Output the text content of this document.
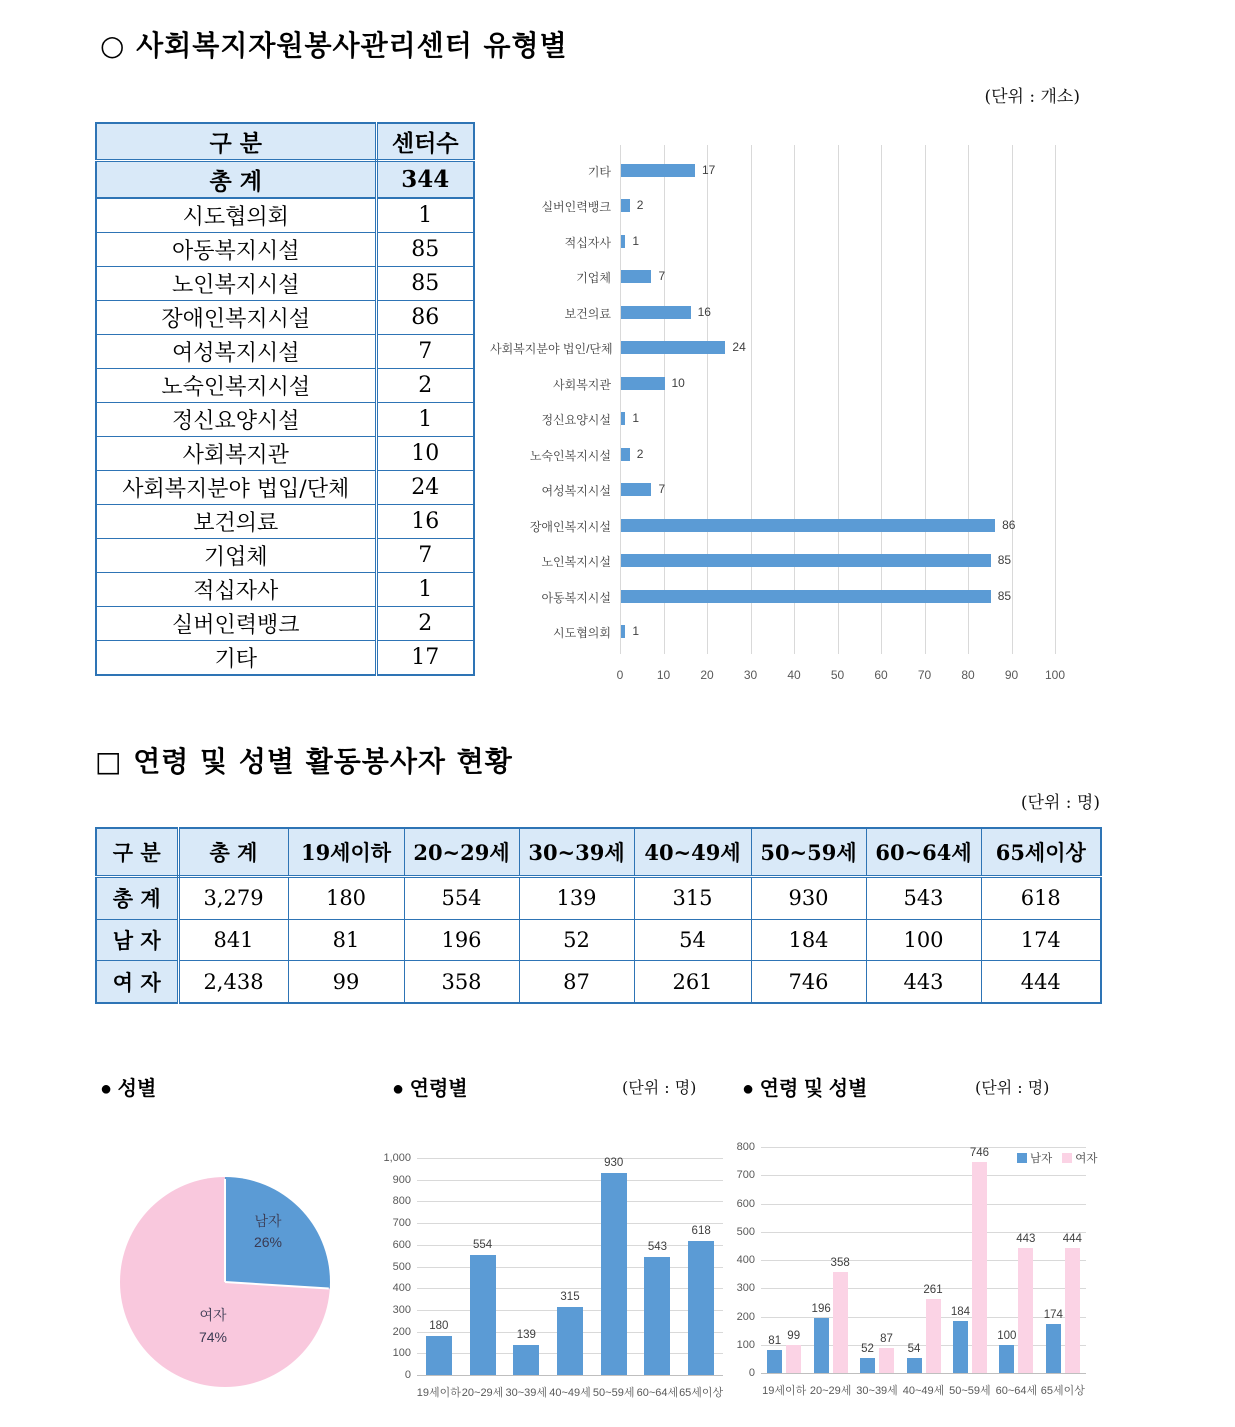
○ 사회복지자원봉사관리센터 유형별
(단위 : 개소)
구 분	센터수
총 계	344
시도협의회	1
아동복지시설	85
노인복지시설	85
장애인복지시설	86
여성복지시설	7
노숙인복지시설	2
정신요양시설	1
사회복지관	10
사회복지분야 법입/단체	24
보건의료	16
기업체	7
적십자사	1
실버인력뱅크	2
기타	17
0	10	20	30	40	50	60	70	80	90	100
기타	17
실버인력뱅크 2
적십자사 1
기업체	7
보건의료	16
사회복지분야 법인/단체	24
사회복지관	10
정신요양시설 1
노숙인복지시설 2
여성복지시설	7
장애인복지시설	86
노인복지시설	85
아동복지시설	85
시도협의회 1
□ 연령 및 성별 활동봉사자 현황
(단위 : 명)
구 분	총 계	19세이하	20~29세	30~39세	40~49세	50~59세	60~64세	65세이상
총 계	3,279	180	554	139	315	930	543	618
남 자	841	81	196	52	54	184	100	174
여 자	2,438	99	358	87	261	746	443	444
● 성별	● 연령별	(단위 : 명) ● 연령 및 성별	(단위 : 명)
남자
26%
여자
74%
0
100
200
300
400
500
600
700
800
900
1,000
180
19세이하
554
20~29세
139
30~39세
315
40~49세
930
50~59세
543
60~64세
618
65세이상
0
100
200
300
400
500
600
700
800
81 99
19세이하
196
358
20~29세
52
87
30~39세
54
261
40~49세
184
746
50~59세
100
443
60~64세
174
444
65세이상
남자	여자
